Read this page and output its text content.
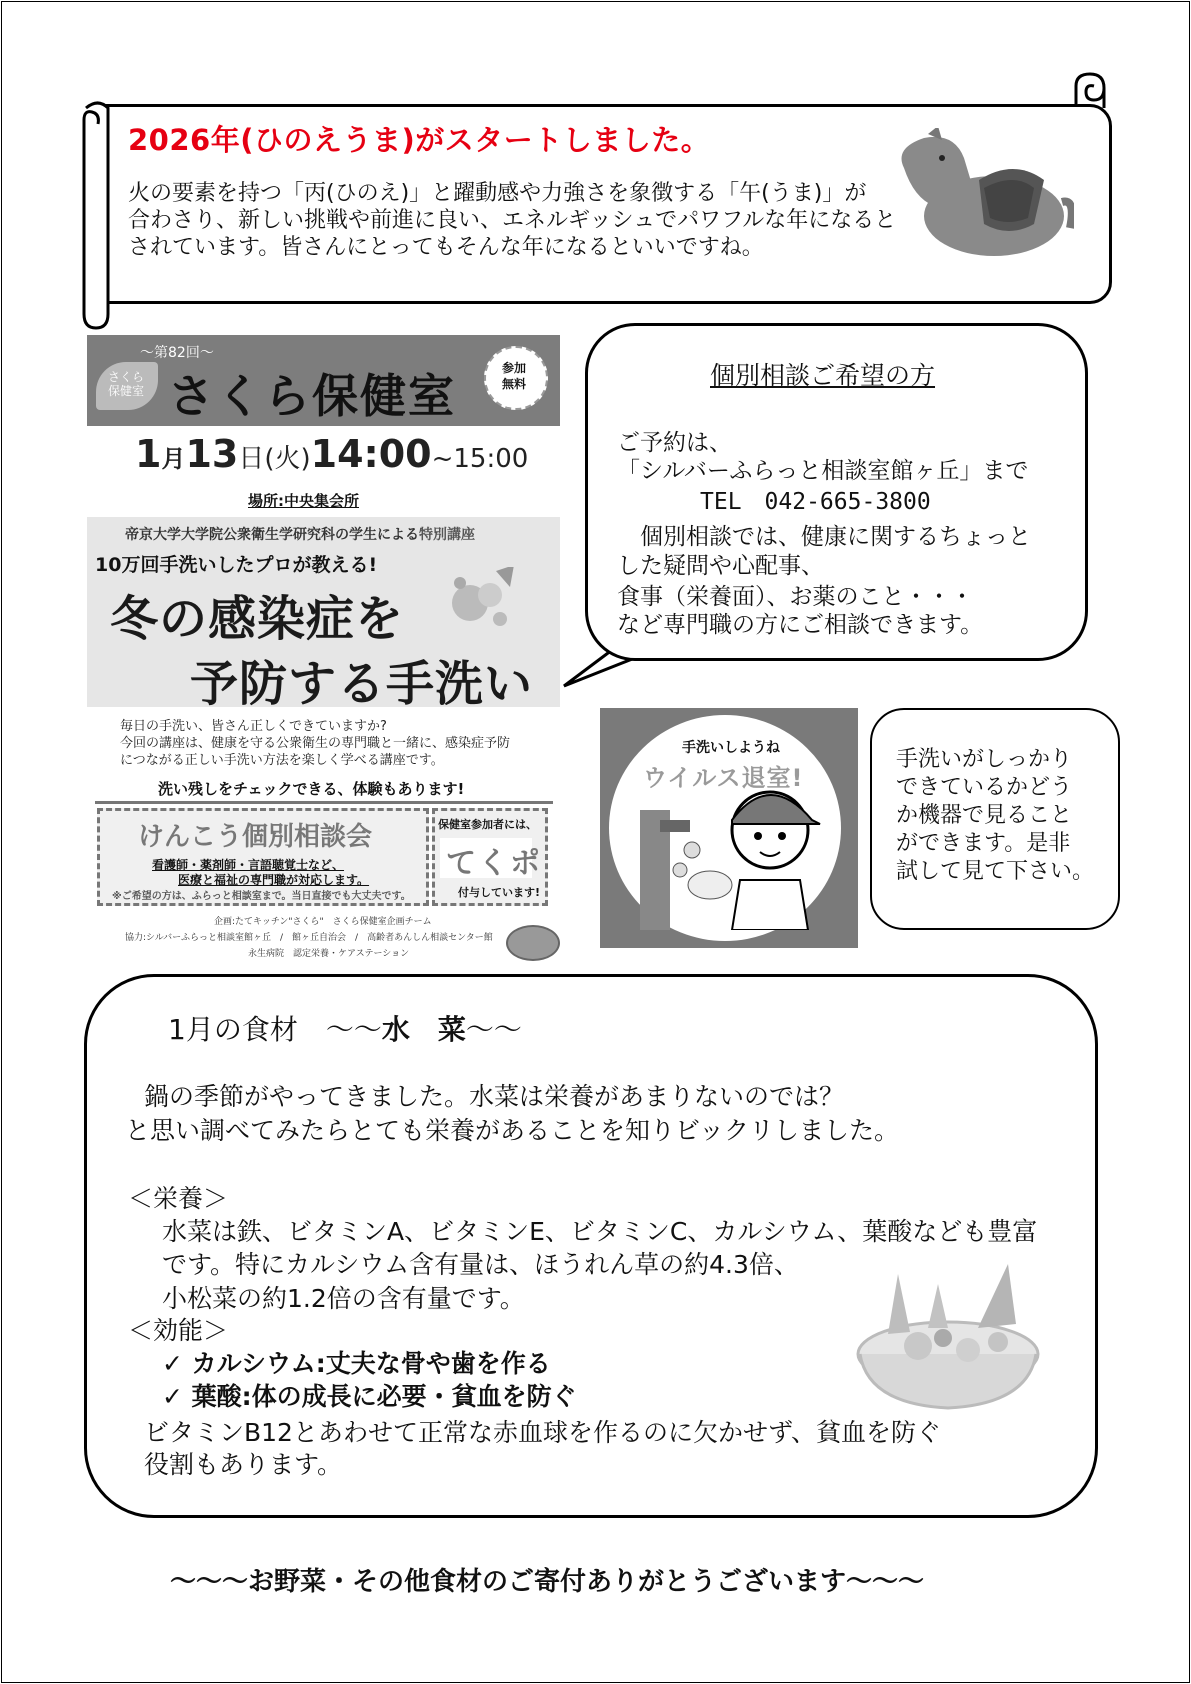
2026年(ひのえうま)がスタートしました。
火の要素を持つ「丙(ひのえ)」と躍動感や力強さを象徴する「午(うま)」が
合わさり、新しい挑戦や前進に良い、エネルギッシュでパワフルな年になると
されています。皆さんにとってもそんな年になるといいですね。
～第82回～
さくら
保健室 さくら保健室
参加
無料
1月13日(火)14:00~15:00
場所:中央集会所
帝京大学大学院公衆衛生学研究科の学生による特別講座
10万回手洗いしたプロが教える!
冬の感染症を
予防する手洗い
毎日の手洗い、皆さん正しくできていますか?
今回の講座は、健康を守る公衆衛生の専門職と一緒に、感染症予防
につながる正しい手洗い方法を楽しく学べる講座です。
洗い残しをチェックできる、体験もあります!
けんこう個別相談会
看護師・薬剤師・言語聴覚士など、
医療と福祉の専門職が対応します。
※ご希望の方は、ふらっと相談室まで。当日直接でも大丈夫です。
保健室参加者には、
てくポ
付与しています!
企画:たてキッチン"さくら"　さくら保健室企画チーム
協力:シルバーふらっと相談室館ヶ丘　/　館ヶ丘自治会　/　高齢者あんしん相談センター館
永生病院　認定栄養・ケアステーション
個別相談ご希望の方
ご予約は、
「シルバーふらっと相談室館ヶ丘」まで
TEL　042-665-3800
　個別相談では、健康に関するちょっと
した疑問や心配事、
食事（栄養面）、お薬のこと・・・
など専門職の方にご相談できます。
手洗いしようね
ウイルス退室!
手洗いがしっかり
できているかどう
か機器で見ること
ができます。是非
試して見て下さい。
1月の食材　～～水　菜～～
鍋の季節がやってきました。水菜は栄養があまりないのでは？
と思い調べてみたらとても栄養があることを知りビックリしました。
＜栄養＞
水菜は鉄、ビタミンA、ビタミンE、ビタミンC、カルシウム、葉酸なども豊富
です。特にカルシウム含有量は、ほうれん草の約4.3倍、
小松菜の約1.2倍の含有量です。
＜効能＞
✓ カルシウム:丈夫な骨や歯を作る
✓ 葉酸:体の成長に必要・貧血を防ぐ
ビタミンB12とあわせて正常な赤血球を作るのに欠かせず、貧血を防ぐ
役割もあります。
～～～お野菜・その他食材のご寄付ありがとうございます～～～
